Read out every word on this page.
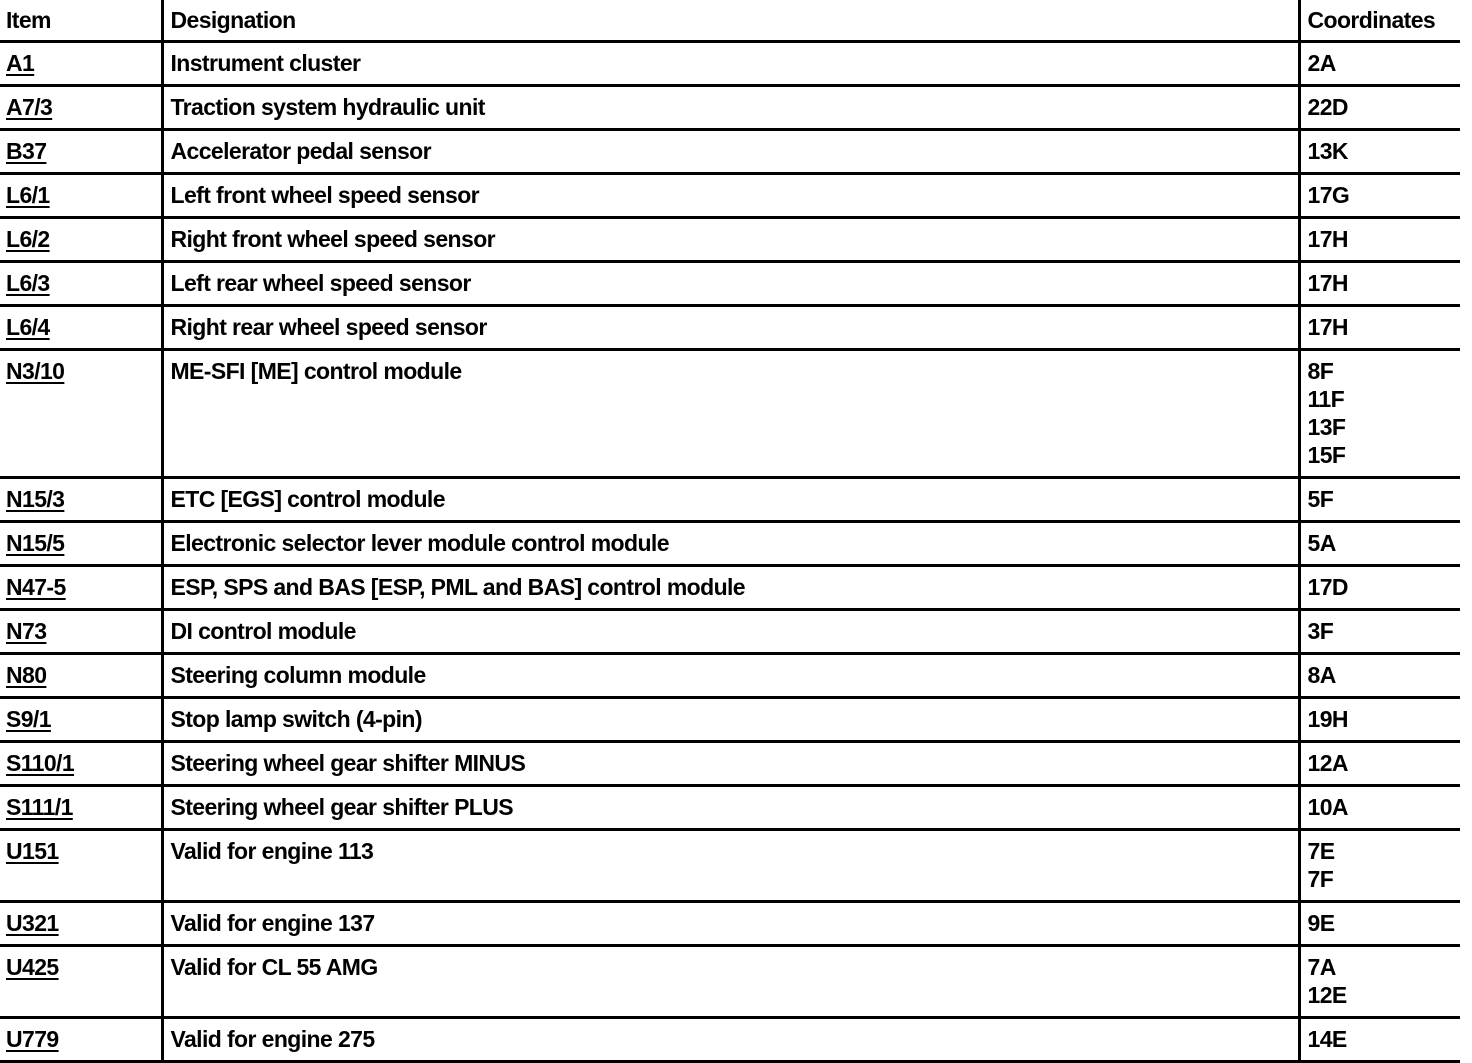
Item	Designation	Coordinates
A1	Instrument cluster	2A

A7/3	Traction system hydraulic unit	22D

B37	Accelerator pedal sensor	13K

L6/1	Left front wheel speed sensor	17G

L6/2	Right front wheel speed sensor	17H

L6/3	Left rear wheel speed sensor	17H

L6/4	Right rear wheel speed sensor	17H

N3/10	ME-SFI [ME] control module	8F
11F
13F
15F

N15/3	ETC [EGS] control module	5F

N15/5	Electronic selector lever module control module	5A

N47-5	ESP, SPS and BAS [ESP, PML and BAS] control module	17D

N73	DI control module	3F

N80	Steering column module	8A

S9/1	Stop lamp switch (4-pin)	19H

S110/1	Steering wheel gear shifter MINUS	12A

S111/1	Steering wheel gear shifter PLUS	10A

U151	Valid for engine 113	7E
7F

U321	Valid for engine 137	9E

U425	Valid for CL 55 AMG	7A
12E

U779	Valid for engine 275	14E
